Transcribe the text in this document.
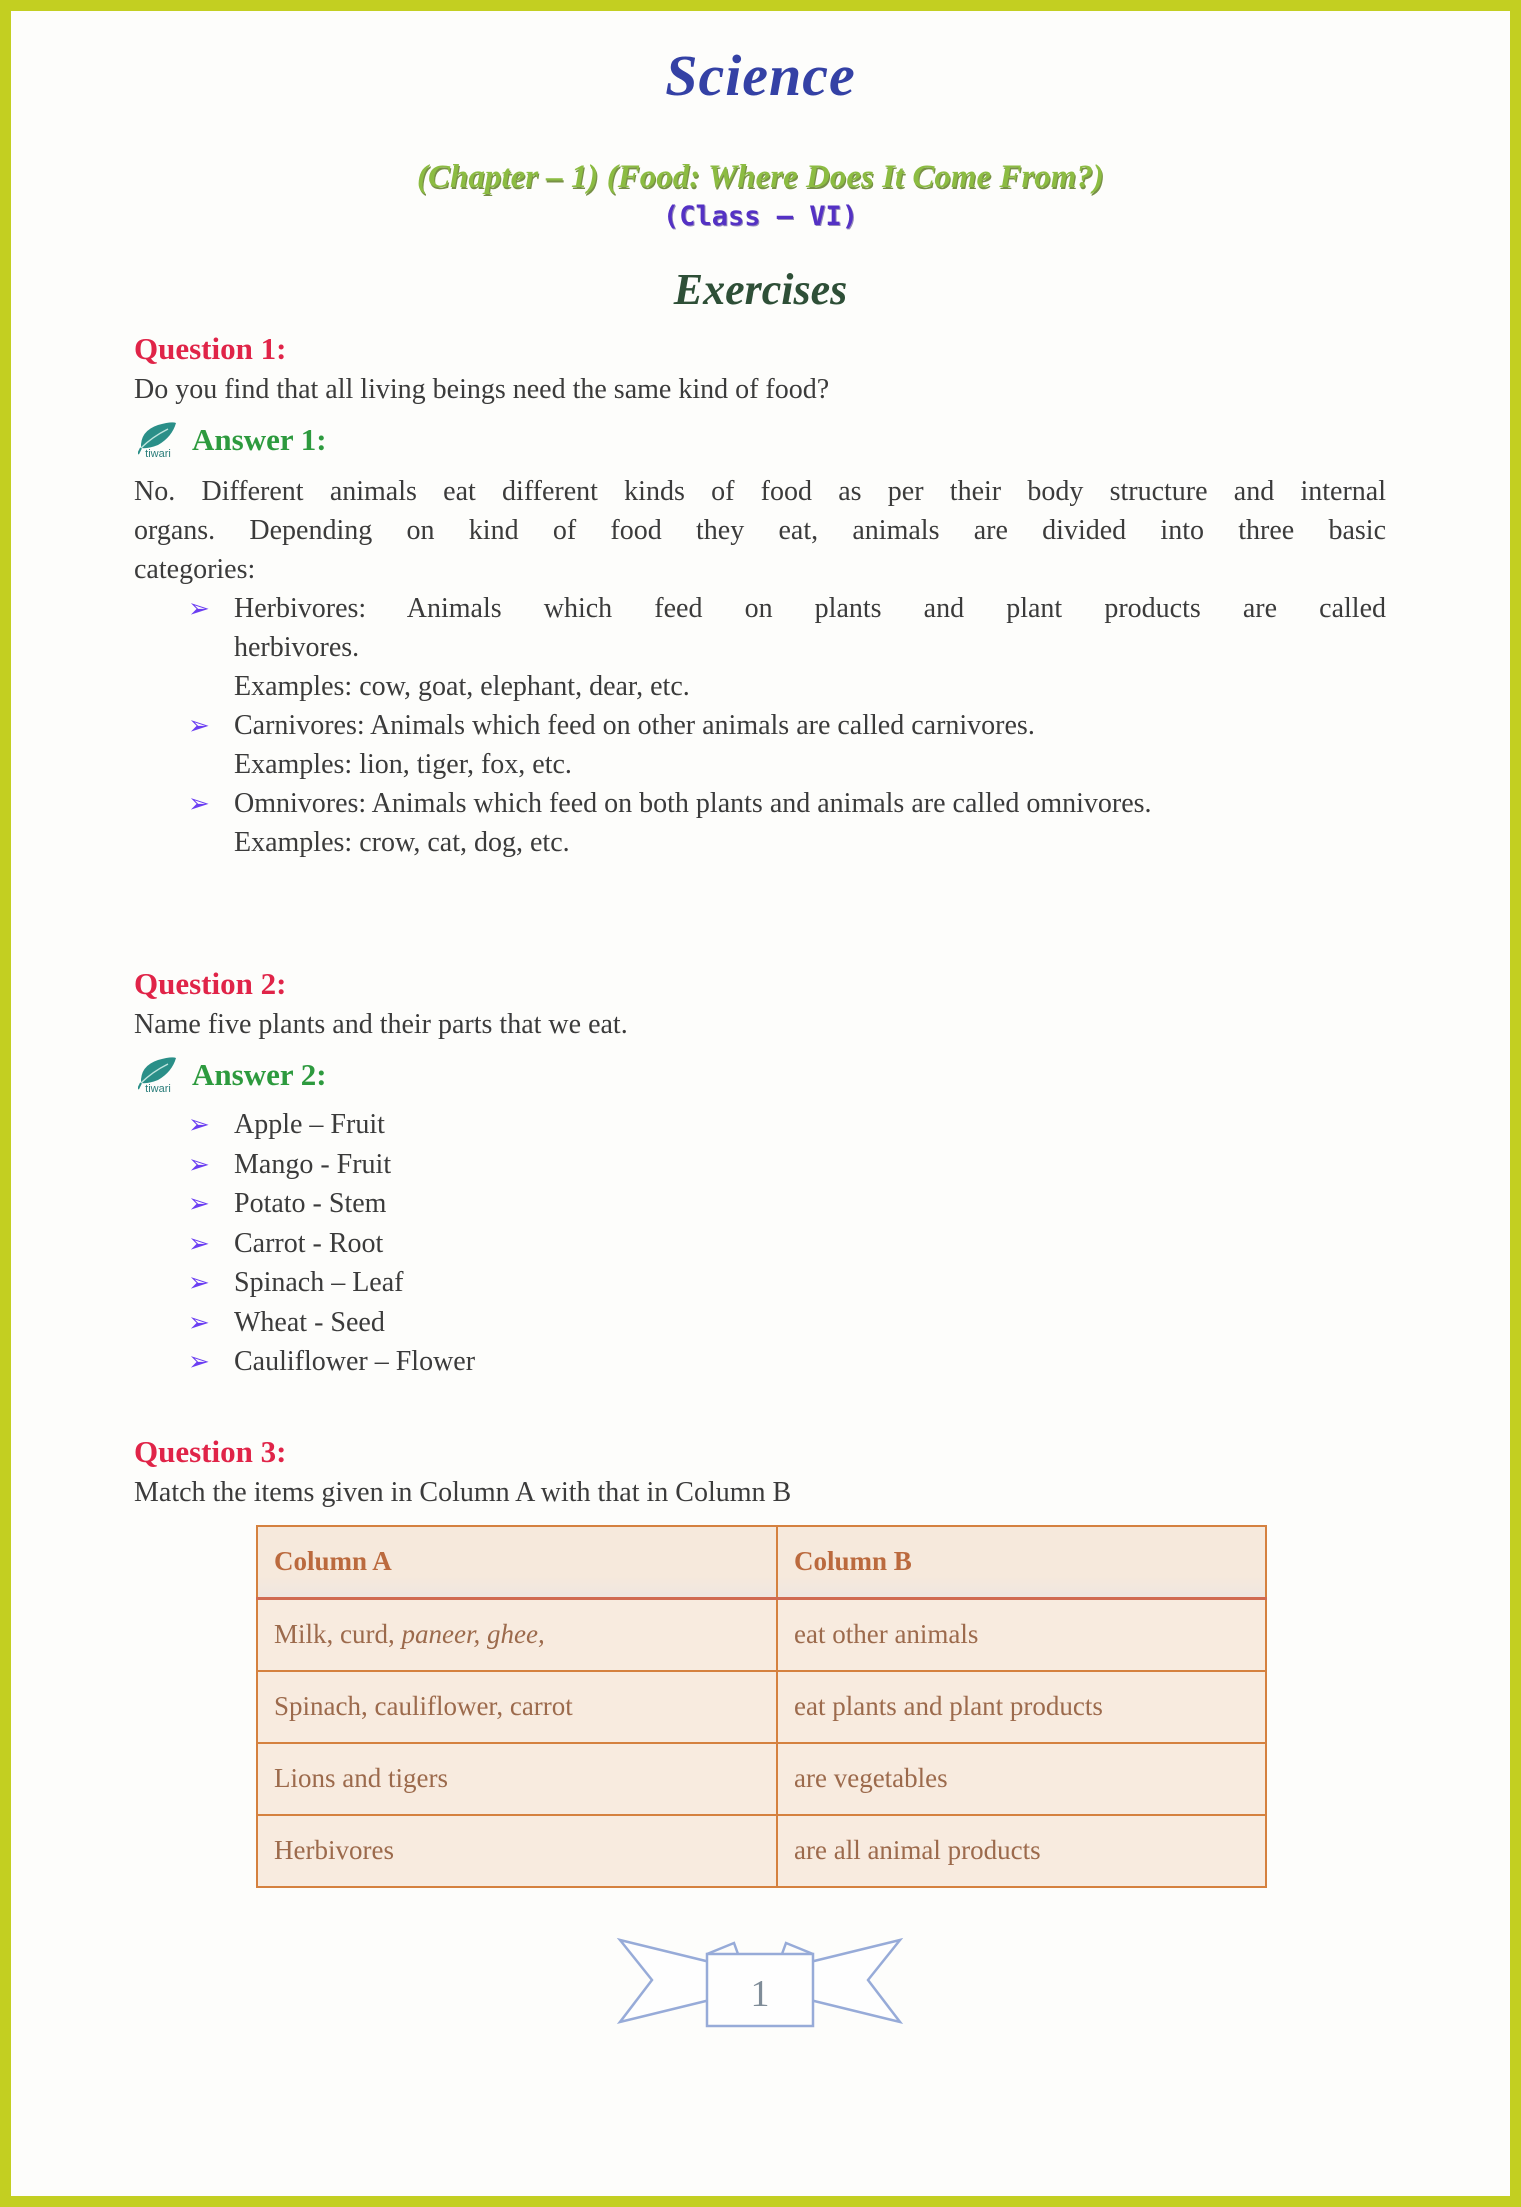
Science
(Chapter – 1) (Food: Where Does It Come From?)
(Class – VI)
Exercises
Question 1:
Do you find that all living beings need the same kind of food?
tiwari Answer 1:
No. Different animals eat different kinds of food as per their body structure and internal
organs. Depending on kind of food they eat, animals are divided into three basic
categories:
➢ Herbivores: Animals which feed on plants and plant products are called
herbivores.
Examples: cow, goat, elephant, dear, etc.
➢ Carnivores: Animals which feed on other animals are called carnivores.
Examples: lion, tiger, fox, etc.
➢ Omnivores: Animals which feed on both plants and animals are called omnivores.
Examples: crow, cat, dog, etc.
Question 2:
Name five plants and their parts that we eat.
tiwari Answer 2:
➢ Apple – Fruit
➢ Mango - Fruit
➢ Potato - Stem
➢ Carrot - Root
➢ Spinach – Leaf
➢ Wheat - Seed
➢ Cauliflower – Flower
Question 3:
Match the items given in Column A with that in Column B
Column A	Column B
Milk, curd, paneer, ghee,	eat other animals
Spinach, cauliflower, carrot	eat plants and plant products
Lions and tigers	are vegetables
Herbivores	are all animal products
1
